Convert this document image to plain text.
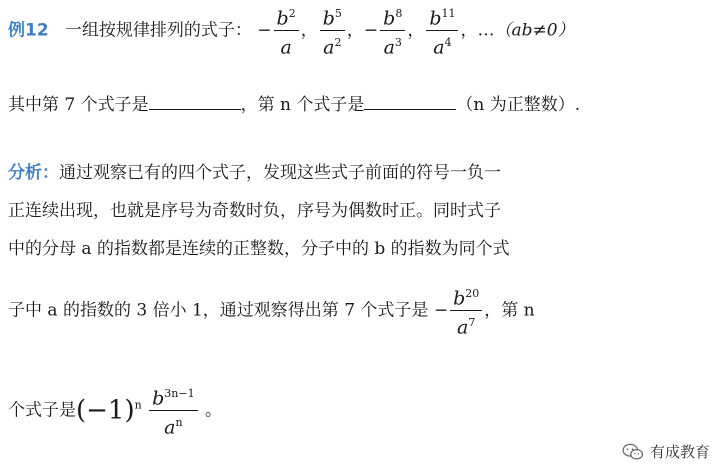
例12 一组按规律排列的式子： − $\frac{b^2}{a}$ ， $\frac{b^5}{a^2}$ ，− $\frac{b^8}{a^3}$ ， $\frac{b^{11}}{a^4}$ ，…（ab≠0）
其中第 7 个式子是	，第 n 个式子是	（n 为正整数）.
分析：通过观察已有的四个式子，发现这些式子前面的符号一负一
正连续出现，也就是序号为奇数时负，序号为偶数时正。同时式子
中的分母 a 的指数都是连续的正整数，分子中的 b 的指数为同个式
子中 a 的指数的 3 倍小 1，通过观察得出第 7 个式子是 − $\frac{b^{20}}{a^7}$ ，第 n
个式子是$(-1)^n \frac{b^{3n-1}}{a^n}$ 。
有成教育
